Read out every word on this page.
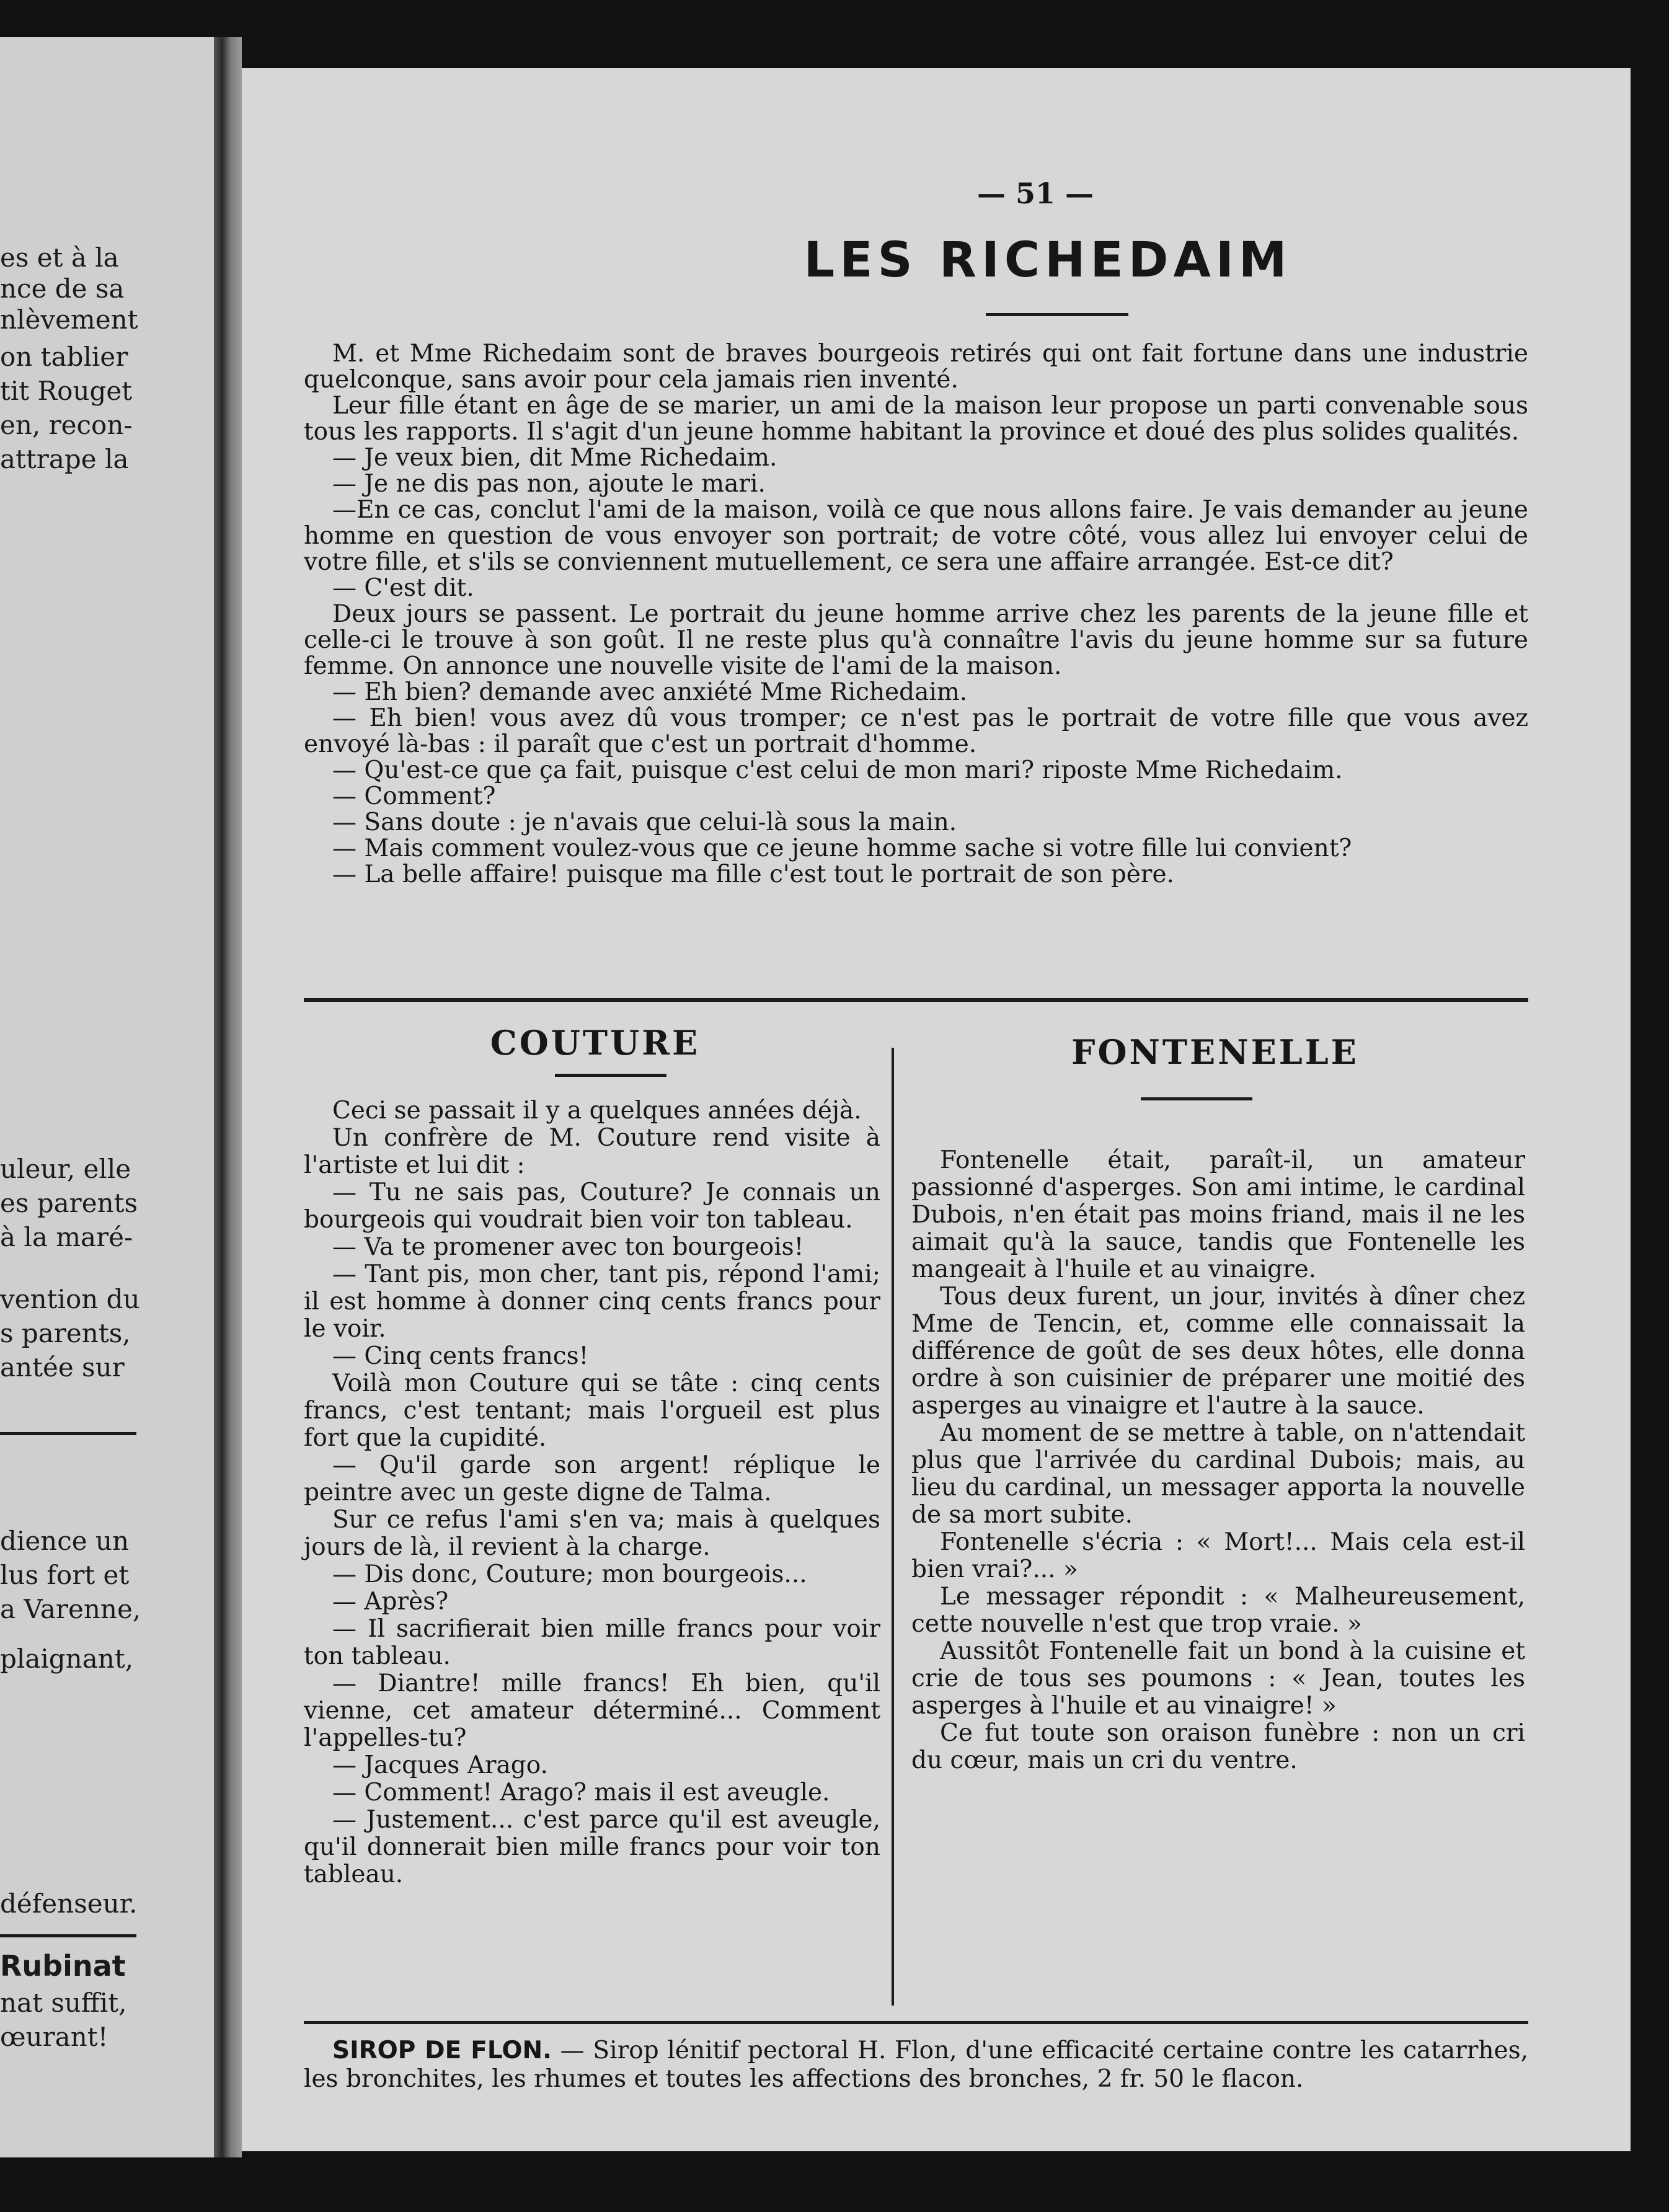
es et à la
nce de sa
nlèvement
on tablier
tit Rouget
en, recon-
attrape la
uleur, elle
es parents
à la maré-
vention du
s parents,
antée sur
dience un
lus fort et
a Varenne,
plaignant,
défenseur.
Rubinat
nat suffit,
œurant!
— 51 —
LES RICHEDAIM

M. et Mme Richedaim sont de braves bourgeois retirés qui ont fait fortune dans une industrie quelconque, sans avoir pour cela jamais rien inventé.

Leur fille étant en âge de se marier, un ami de la maison leur propose un parti convenable sous tous les rapports. Il s'agit d'un jeune homme habitant la province et doué des plus solides qualités.

— Je veux bien, dit Mme Richedaim.

— Je ne dis pas non, ajoute le mari.

—En ce cas, conclut l'ami de la maison, voilà ce que nous allons faire. Je vais demander au jeune homme en question de vous envoyer son portrait; de votre côté, vous allez lui envoyer celui de votre fille, et s'ils se conviennent mutuellement, ce sera une affaire arrangée. Est-ce dit?

— C'est dit.

Deux jours se passent. Le portrait du jeune homme arrive chez les parents de la jeune fille et celle-ci le trouve à son goût. Il ne reste plus qu'à connaître l'avis du jeune homme sur sa future femme. On annonce une nouvelle visite de l'ami de la maison.

— Eh bien? demande avec anxiété Mme Richedaim.

— Eh bien! vous avez dû vous tromper; ce n'est pas le portrait de votre fille que vous avez envoyé là-bas : il paraît que c'est un portrait d'homme.

— Qu'est-ce que ça fait, puisque c'est celui de mon mari? riposte Mme Richedaim.

— Comment?

— Sans doute : je n'avais que celui-là sous la main.

— Mais comment voulez-vous que ce jeune homme sache si votre fille lui convient?

— La belle affaire! puisque ma fille c'est tout le portrait de son père.

COUTURE

Ceci se passait il y a quelques années déjà.

Un confrère de M. Couture rend visite à l'artiste et lui dit :

— Tu ne sais pas, Couture? Je connais un bourgeois qui voudrait bien voir ton tableau.

— Va te promener avec ton bourgeois!

— Tant pis, mon cher, tant pis, répond l'ami; il est homme à donner cinq cents francs pour le voir.

— Cinq cents francs!

Voilà mon Couture qui se tâte : cinq cents francs, c'est tentant; mais l'orgueil est plus fort que la cupidité.

— Qu'il garde son argent! réplique le peintre avec un geste digne de Talma.

Sur ce refus l'ami s'en va; mais à quelques jours de là, il revient à la charge.

— Dis donc, Couture; mon bourgeois...

— Après?

— Il sacrifierait bien mille francs pour voir ton tableau.

— Diantre! mille francs! Eh bien, qu'il vienne, cet amateur déterminé... Comment l'appelles-tu?

— Jacques Arago.

— Comment! Arago? mais il est aveugle.

— Justement... c'est parce qu'il est aveugle, qu'il donnerait bien mille francs pour voir ton tableau.

FONTENELLE

Fontenelle était, paraît-il, un amateur passionné d'asperges. Son ami intime, le cardinal Dubois, n'en était pas moins friand, mais il ne les aimait qu'à la sauce, tandis que Fontenelle les mangeait à l'huile et au vinaigre.

Tous deux furent, un jour, invités à dîner chez Mme de Tencin, et, comme elle connaissait la différence de goût de ses deux hôtes, elle donna ordre à son cuisinier de préparer une moitié des asperges au vinaigre et l'autre à la sauce.

Au moment de se mettre à table, on n'attendait plus que l'arrivée du cardinal Dubois; mais, au lieu du cardinal, un messager apporta la nouvelle de sa mort subite.

Fontenelle s'écria : « Mort!... Mais cela est-il bien vrai?... »

Le messager répondit : « Malheureusement, cette nouvelle n'est que trop vraie. »

Aussitôt Fontenelle fait un bond à la cuisine et crie de tous ses poumons : « Jean, toutes les asperges à l'huile et au vinaigre! »

Ce fut toute son oraison funèbre : non un cri du cœur, mais un cri du ventre.

SIROP DE FLON. — Sirop lénitif pectoral H. Flon, d'une efficacité certaine contre les catarrhes, les bronchites, les rhumes et toutes les affections des bronches, 2 fr. 50 le flacon.
